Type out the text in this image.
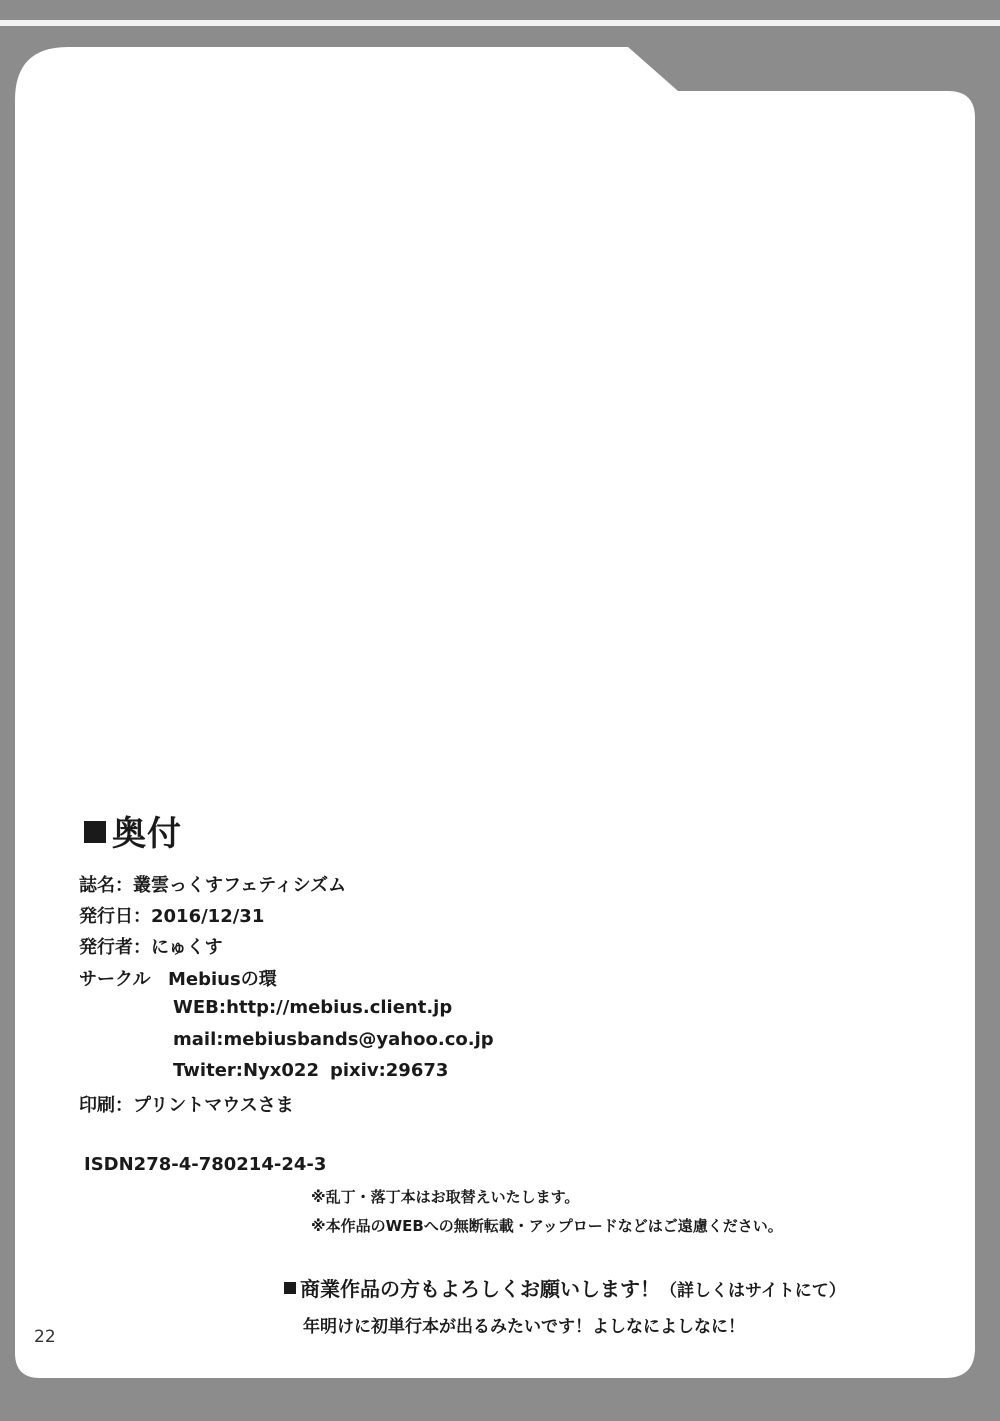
奥付
誌名：叢雲っくすフェティシズム
発行日：2016/12/31
発行者：にゅくす
サークル Mebiusの環
WEB:http://mebius.client.jp
mail:mebiusbands@yahoo.co.jp
Twiter:Nyx022 pixiv:29673
印刷：プリントマウスさま
ISDN278-4-780214-24-3
※乱丁・落丁本はお取替えいたします。
※本作品のWEBへの無断転載・アップロードなどはご遠慮ください。
商業作品の方もよろしくお願いします！（詳しくはサイトにて）
年明けに初単行本が出るみたいです！よしなによしなに！
22
